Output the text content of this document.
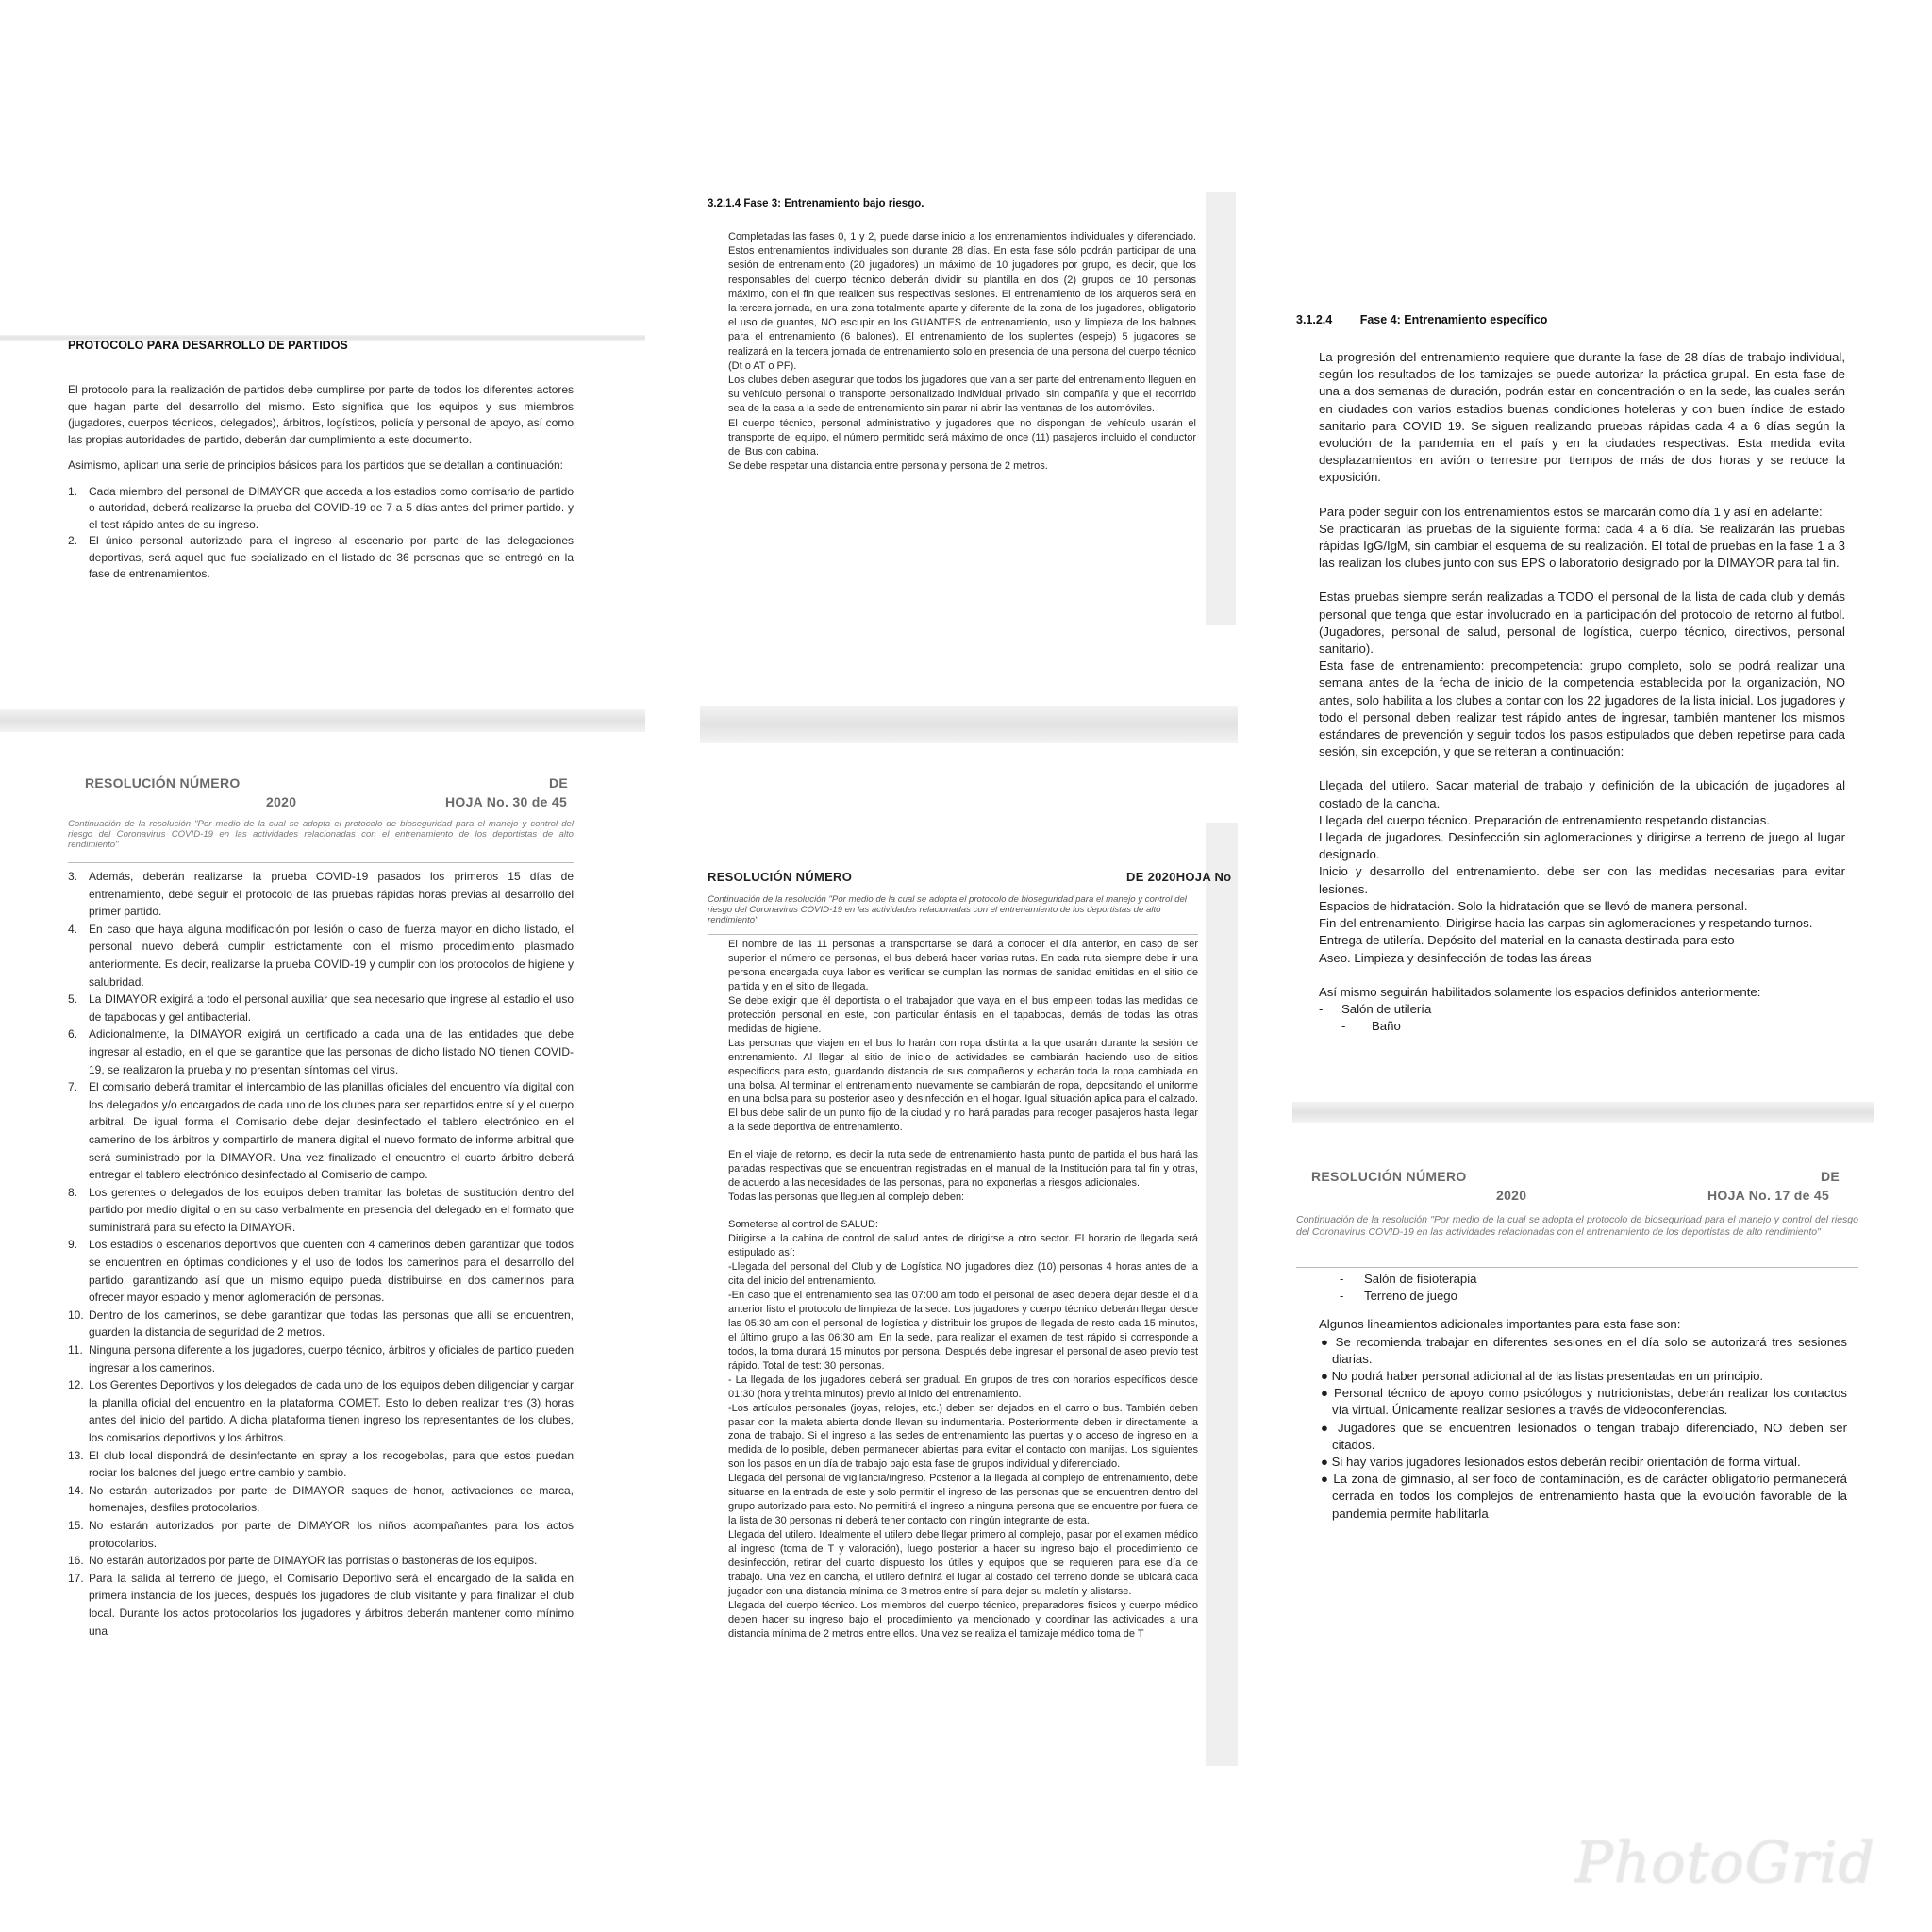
PROTOCOLO PARA DESARROLLO DE PARTIDOS

El protocolo para la realización de partidos debe cumplirse por parte de todos los diferentes actores que hagan parte del desarrollo del mismo. Esto significa que los equipos y sus miembros (jugadores, cuerpos técnicos, delegados), árbitros, logísticos, policía y personal de apoyo, así como las propias autoridades de partido, deberán dar cumplimiento a este documento.

Asimismo, aplican una serie de principios básicos para los partidos que se detallan a continuación:

1. Cada miembro del personal de DIMAYOR que acceda a los estadios como comisario de partido o autoridad, deberá realizarse la prueba del COVID-19 de 7 a 5 días antes del primer partido. y el test rápido antes de su ingreso.
2. El único personal autorizado para el ingreso al escenario por parte de las delegaciones deportivas, será aquel que fue socializado en el listado de 36 personas que se entregó en la fase de entrenamientos.
3.2.1.4 Fase 3: Entrenamiento bajo riesgo.

Completadas las fases 0, 1 y 2, puede darse inicio a los entrenamientos individuales y diferenciado. Estos entrenamientos individuales son durante 28 días. En esta fase sólo podrán participar de una sesión de entrenamiento (20 jugadores) un máximo de 10 jugadores por grupo, es decir, que los responsables del cuerpo técnico deberán dividir su plantilla en dos (2) grupos de 10 personas máximo, con el fin que realicen sus respectivas sesiones. El entrenamiento de los arqueros será en la tercera jornada, en una zona totalmente aparte y diferente de la zona de los jugadores, obligatorio el uso de guantes, NO escupir en los GUANTES de entrenamiento, uso y limpieza de los balones para el entrenamiento (6 balones). El entrenamiento de los suplentes (espejo) 5 jugadores se realizará en la tercera jornada de entrenamiento solo en presencia de una persona del cuerpo técnico (Dt o AT o PF).

Los clubes deben asegurar que todos los jugadores que van a ser parte del entrenamiento lleguen en su vehículo personal o transporte personalizado individual privado, sin compañía y que el recorrido sea de la casa a la sede de entrenamiento sin parar ni abrir las ventanas de los automóviles.

El cuerpo técnico, personal administrativo y jugadores que no dispongan de vehículo usarán el transporte del equipo, el número permitido será máximo de once (11) pasajeros incluido el conductor del Bus con cabina.

Se debe respetar una distancia entre persona y persona de 2 metros.

3.1.2.4 Fase 4: Entrenamiento específico

La progresión del entrenamiento requiere que durante la fase de 28 días de trabajo individual, según los resultados de los tamizajes se puede autorizar la práctica grupal. En esta fase de una a dos semanas de duración, podrán estar en concentración o en la sede, las cuales serán en ciudades con varios estadios buenas condiciones hoteleras y con buen índice de estado sanitario para COVID 19. Se siguen realizando pruebas rápidas cada 4 a 6 días según la evolución de la pandemia en el país y en la ciudades respectivas. Esta medida evita desplazamientos en avión o terrestre por tiempos de más de dos horas y se reduce la exposición.

Para poder seguir con los entrenamientos estos se marcarán como día 1 y así en adelante:

Se practicarán las pruebas de la siguiente forma: cada 4 a 6 día. Se realizarán las pruebas rápidas IgG/IgM, sin cambiar el esquema de su realización. El total de pruebas en la fase 1 a 3 las realizan los clubes junto con sus EPS o laboratorio designado por la DIMAYOR para tal fin.

Estas pruebas siempre serán realizadas a TODO el personal de la lista de cada club y demás personal que tenga que estar involucrado en la participación del protocolo de retorno al futbol. (Jugadores, personal de salud, personal de logística, cuerpo técnico, directivos, personal sanitario).

Esta fase de entrenamiento: precompetencia: grupo completo, solo se podrá realizar una semana antes de la fecha de inicio de la competencia establecida por la organización, NO antes, solo habilita a los clubes a contar con los 22 jugadores de la lista inicial. Los jugadores y todo el personal deben realizar test rápido antes de ingresar, también mantener los mismos estándares de prevención y seguir todos los pasos estipulados que deben repetirse para cada sesión, sin excepción, y que se reiteran a continuación:

Llegada del utilero. Sacar material de trabajo y definición de la ubicación de jugadores al costado de la cancha.

Llegada del cuerpo técnico. Preparación de entrenamiento respetando distancias.

Llegada de jugadores. Desinfección sin aglomeraciones y dirigirse a terreno de juego al lugar designado.

Inicio y desarrollo del entrenamiento. debe ser con las medidas necesarias para evitar lesiones.

Espacios de hidratación. Solo la hidratación que se llevó de manera personal.

Fin del entrenamiento. Dirigirse hacia las carpas sin aglomeraciones y respetando turnos.

Entrega de utilería. Depósito del material en la canasta destinada para esto

Aseo. Limpieza y desinfección de todas las áreas

Así mismo seguirán habilitados solamente los espacios definidos anteriormente:

- Salón de utilería

- Baño

RESOLUCIÓN NÚMERO	DE
2020	HOJA No. 30 de 45
Continuación de la resolución "Por medio de la cual se adopta el protocolo de bioseguridad para el manejo y control del riesgo del Coronavirus COVID-19 en las actividades relacionadas con el entrenamiento de los deportistas de alto rendimiento"
3. Además, deberán realizarse la prueba COVID-19 pasados los primeros 15 días de entrenamiento, debe seguir el protocolo de las pruebas rápidas horas previas al desarrollo del primer partido.
4. En caso que haya alguna modificación por lesión o caso de fuerza mayor en dicho listado, el personal nuevo deberá cumplir estrictamente con el mismo procedimiento plasmado anteriormente. Es decir, realizarse la prueba COVID-19 y cumplir con los protocolos de higiene y salubridad.
5. La DIMAYOR exigirá a todo el personal auxiliar que sea necesario que ingrese al estadio el uso de tapabocas y gel antibacterial.
6. Adicionalmente, la DIMAYOR exigirá un certificado a cada una de las entidades que debe ingresar al estadio, en el que se garantice que las personas de dicho listado NO tienen COVID-19, se realizaron la prueba y no presentan síntomas del virus.
7. El comisario deberá tramitar el intercambio de las planillas oficiales del encuentro vía digital con los delegados y/o encargados de cada uno de los clubes para ser repartidos entre sí y el cuerpo arbitral. De igual forma el Comisario debe dejar desinfectado el tablero electrónico en el camerino de los árbitros y compartirlo de manera digital el nuevo formato de informe arbitral que será suministrado por la DIMAYOR. Una vez finalizado el encuentro el cuarto árbitro deberá entregar el tablero electrónico desinfectado al Comisario de campo.
8. Los gerentes o delegados de los equipos deben tramitar las boletas de sustitución dentro del partido por medio digital o en su caso verbalmente en presencia del delegado en el formato que suministrará para su efecto la DIMAYOR.
9. Los estadios o escenarios deportivos que cuenten con 4 camerinos deben garantizar que todos se encuentren en óptimas condiciones y el uso de todos los camerinos para el desarrollo del partido, garantizando así que un mismo equipo pueda distribuirse en dos camerinos para ofrecer mayor espacio y menor aglomeración de personas.
10. Dentro de los camerinos, se debe garantizar que todas las personas que allí se encuentren, guarden la distancia de seguridad de 2 metros.
11. Ninguna persona diferente a los jugadores, cuerpo técnico, árbitros y oficiales de partido pueden ingresar a los camerinos.
12. Los Gerentes Deportivos y los delegados de cada uno de los equipos deben diligenciar y cargar la planilla oficial del encuentro en la plataforma COMET. Esto lo deben realizar tres (3) horas antes del inicio del partido. A dicha plataforma tienen ingreso los representantes de los clubes, los comisarios deportivos y los árbitros.
13. El club local dispondrá de desinfectante en spray a los recogebolas, para que estos puedan rociar los balones del juego entre cambio y cambio.
14. No estarán autorizados por parte de DIMAYOR saques de honor, activaciones de marca, homenajes, desfiles protocolarios.
15. No estarán autorizados por parte de DIMAYOR los niños acompañantes para los actos protocolarios.
16. No estarán autorizados por parte de DIMAYOR las porristas o bastoneras de los equipos.
17. Para la salida al terreno de juego, el Comisario Deportivo será el encargado de la salida en primera instancia de los jueces, después los jugadores de club visitante y para finalizar el club local. Durante los actos protocolarios los jugadores y árbitros deberán mantener como mínimo una
RESOLUCIÓN NÚMERO	DE 2020HOJA No
Continuación de la resolución "Por medio de la cual se adopta el protocolo de bioseguridad para el manejo y control del riesgo del Coronavirus COVID-19 en las actividades relacionadas con el entrenamiento de los deportistas de alto rendimiento"

El nombre de las 11 personas a transportarse se dará a conocer el día anterior, en caso de ser superior el número de personas, el bus deberá hacer varias rutas. En cada ruta siempre debe ir una persona encargada cuya labor es verificar se cumplan las normas de sanidad emitidas en el sitio de partida y en el sitio de llegada.

Se debe exigir que él deportista o el trabajador que vaya en el bus empleen todas las medidas de protección personal en este, con particular énfasis en el tapabocas, demás de todas las otras medidas de higiene.

Las personas que viajen en el bus lo harán con ropa distinta a la que usarán durante la sesión de entrenamiento. Al llegar al sitio de inicio de actividades se cambiarán haciendo uso de sitios específicos para esto, guardando distancia de sus compañeros y echarán toda la ropa cambiada en una bolsa. Al terminar el entrenamiento nuevamente se cambiarán de ropa, depositando el uniforme en una bolsa para su posterior aseo y desinfección en el hogar. Igual situación aplica para el calzado. El bus debe salir de un punto fijo de la ciudad y no hará paradas para recoger pasajeros hasta llegar a la sede deportiva de entrenamiento.

En el viaje de retorno, es decir la ruta sede de entrenamiento hasta punto de partida el bus hará las paradas respectivas que se encuentran registradas en el manual de la Institución para tal fin y otras, de acuerdo a las necesidades de las personas, para no exponerlas a riesgos adicionales.

Todas las personas que lleguen al complejo deben:

Someterse al control de SALUD:

Dirigirse a la cabina de control de salud antes de dirigirse a otro sector. El horario de llegada será estipulado así:

-Llegada del personal del Club y de Logística NO jugadores diez (10) personas 4 horas antes de la cita del inicio del entrenamiento.

-En caso que el entrenamiento sea las 07:00 am todo el personal de aseo deberá dejar desde el día anterior listo el protocolo de limpieza de la sede. Los jugadores y cuerpo técnico deberán llegar desde las 05:30 am con el personal de logística y distribuir los grupos de llegada de resto cada 15 minutos, el último grupo a las 06:30 am. En la sede, para realizar el examen de test rápido si corresponde a todos, la toma durará 15 minutos por persona. Después debe ingresar el personal de aseo previo test rápido. Total de test: 30 personas.

- La llegada de los jugadores deberá ser gradual. En grupos de tres con horarios específicos desde 01:30 (hora y treinta minutos) previo al inicio del entrenamiento.

-Los artículos personales (joyas, relojes, etc.) deben ser dejados en el carro o bus. También deben pasar con la maleta abierta donde llevan su indumentaria. Posteriormente deben ir directamente la zona de trabajo. Si el ingreso a las sedes de entrenamiento las puertas y o acceso de ingreso en la medida de lo posible, deben permanecer abiertas para evitar el contacto con manijas. Los siguientes son los pasos en un día de trabajo bajo esta fase de grupos individual y diferenciado.

Llegada del personal de vigilancia/ingreso. Posterior a la llegada al complejo de entrenamiento, debe situarse en la entrada de este y solo permitir el ingreso de las personas que se encuentren dentro del grupo autorizado para esto. No permitirá el ingreso a ninguna persona que se encuentre por fuera de la lista de 30 personas ni deberá tener contacto con ningún integrante de esta.

Llegada del utilero. Idealmente el utilero debe llegar primero al complejo, pasar por el examen médico al ingreso (toma de T y valoración), luego posterior a hacer su ingreso bajo el procedimiento de desinfección, retirar del cuarto dispuesto los útiles y equipos que se requieren para ese día de trabajo. Una vez en cancha, el utilero definirá el lugar al costado del terreno donde se ubicará cada jugador con una distancia mínima de 3 metros entre sí para dejar su maletín y alistarse.

Llegada del cuerpo técnico. Los miembros del cuerpo técnico, preparadores físicos y cuerpo médico deben hacer su ingreso bajo el procedimiento ya mencionado y coordinar las actividades a una distancia mínima de 2 metros entre ellos. Una vez se realiza el tamizaje médico toma de T

RESOLUCIÓN NÚMERO	DE
2020	HOJA No. 17 de 45
Continuación de la resolución "Por medio de la cual se adopta el protocolo de bioseguridad para el manejo y control del riesgo del Coronavirus COVID-19 en las actividades relacionadas con el entrenamiento de los deportistas de alto rendimiento"

- Salón de fisioterapia

- Terreno de juego

Algunos lineamientos adicionales importantes para esta fase son:

● Se recomienda trabajar en diferentes sesiones en el día solo se autorizará tres sesiones diarias.

● No podrá haber personal adicional al de las listas presentadas en un principio.

● Personal técnico de apoyo como psicólogos y nutricionistas, deberán realizar los contactos vía virtual. Únicamente realizar sesiones a través de videoconferencias.

● Jugadores que se encuentren lesionados o tengan trabajo diferenciado, NO deben ser citados.

● Si hay varios jugadores lesionados estos deberán recibir orientación de forma virtual.

● La zona de gimnasio, al ser foco de contaminación, es de carácter obligatorio permanecerá cerrada en todos los complejos de entrenamiento hasta que la evolución favorable de la pandemia permite habilitarla

PhotoGrid
